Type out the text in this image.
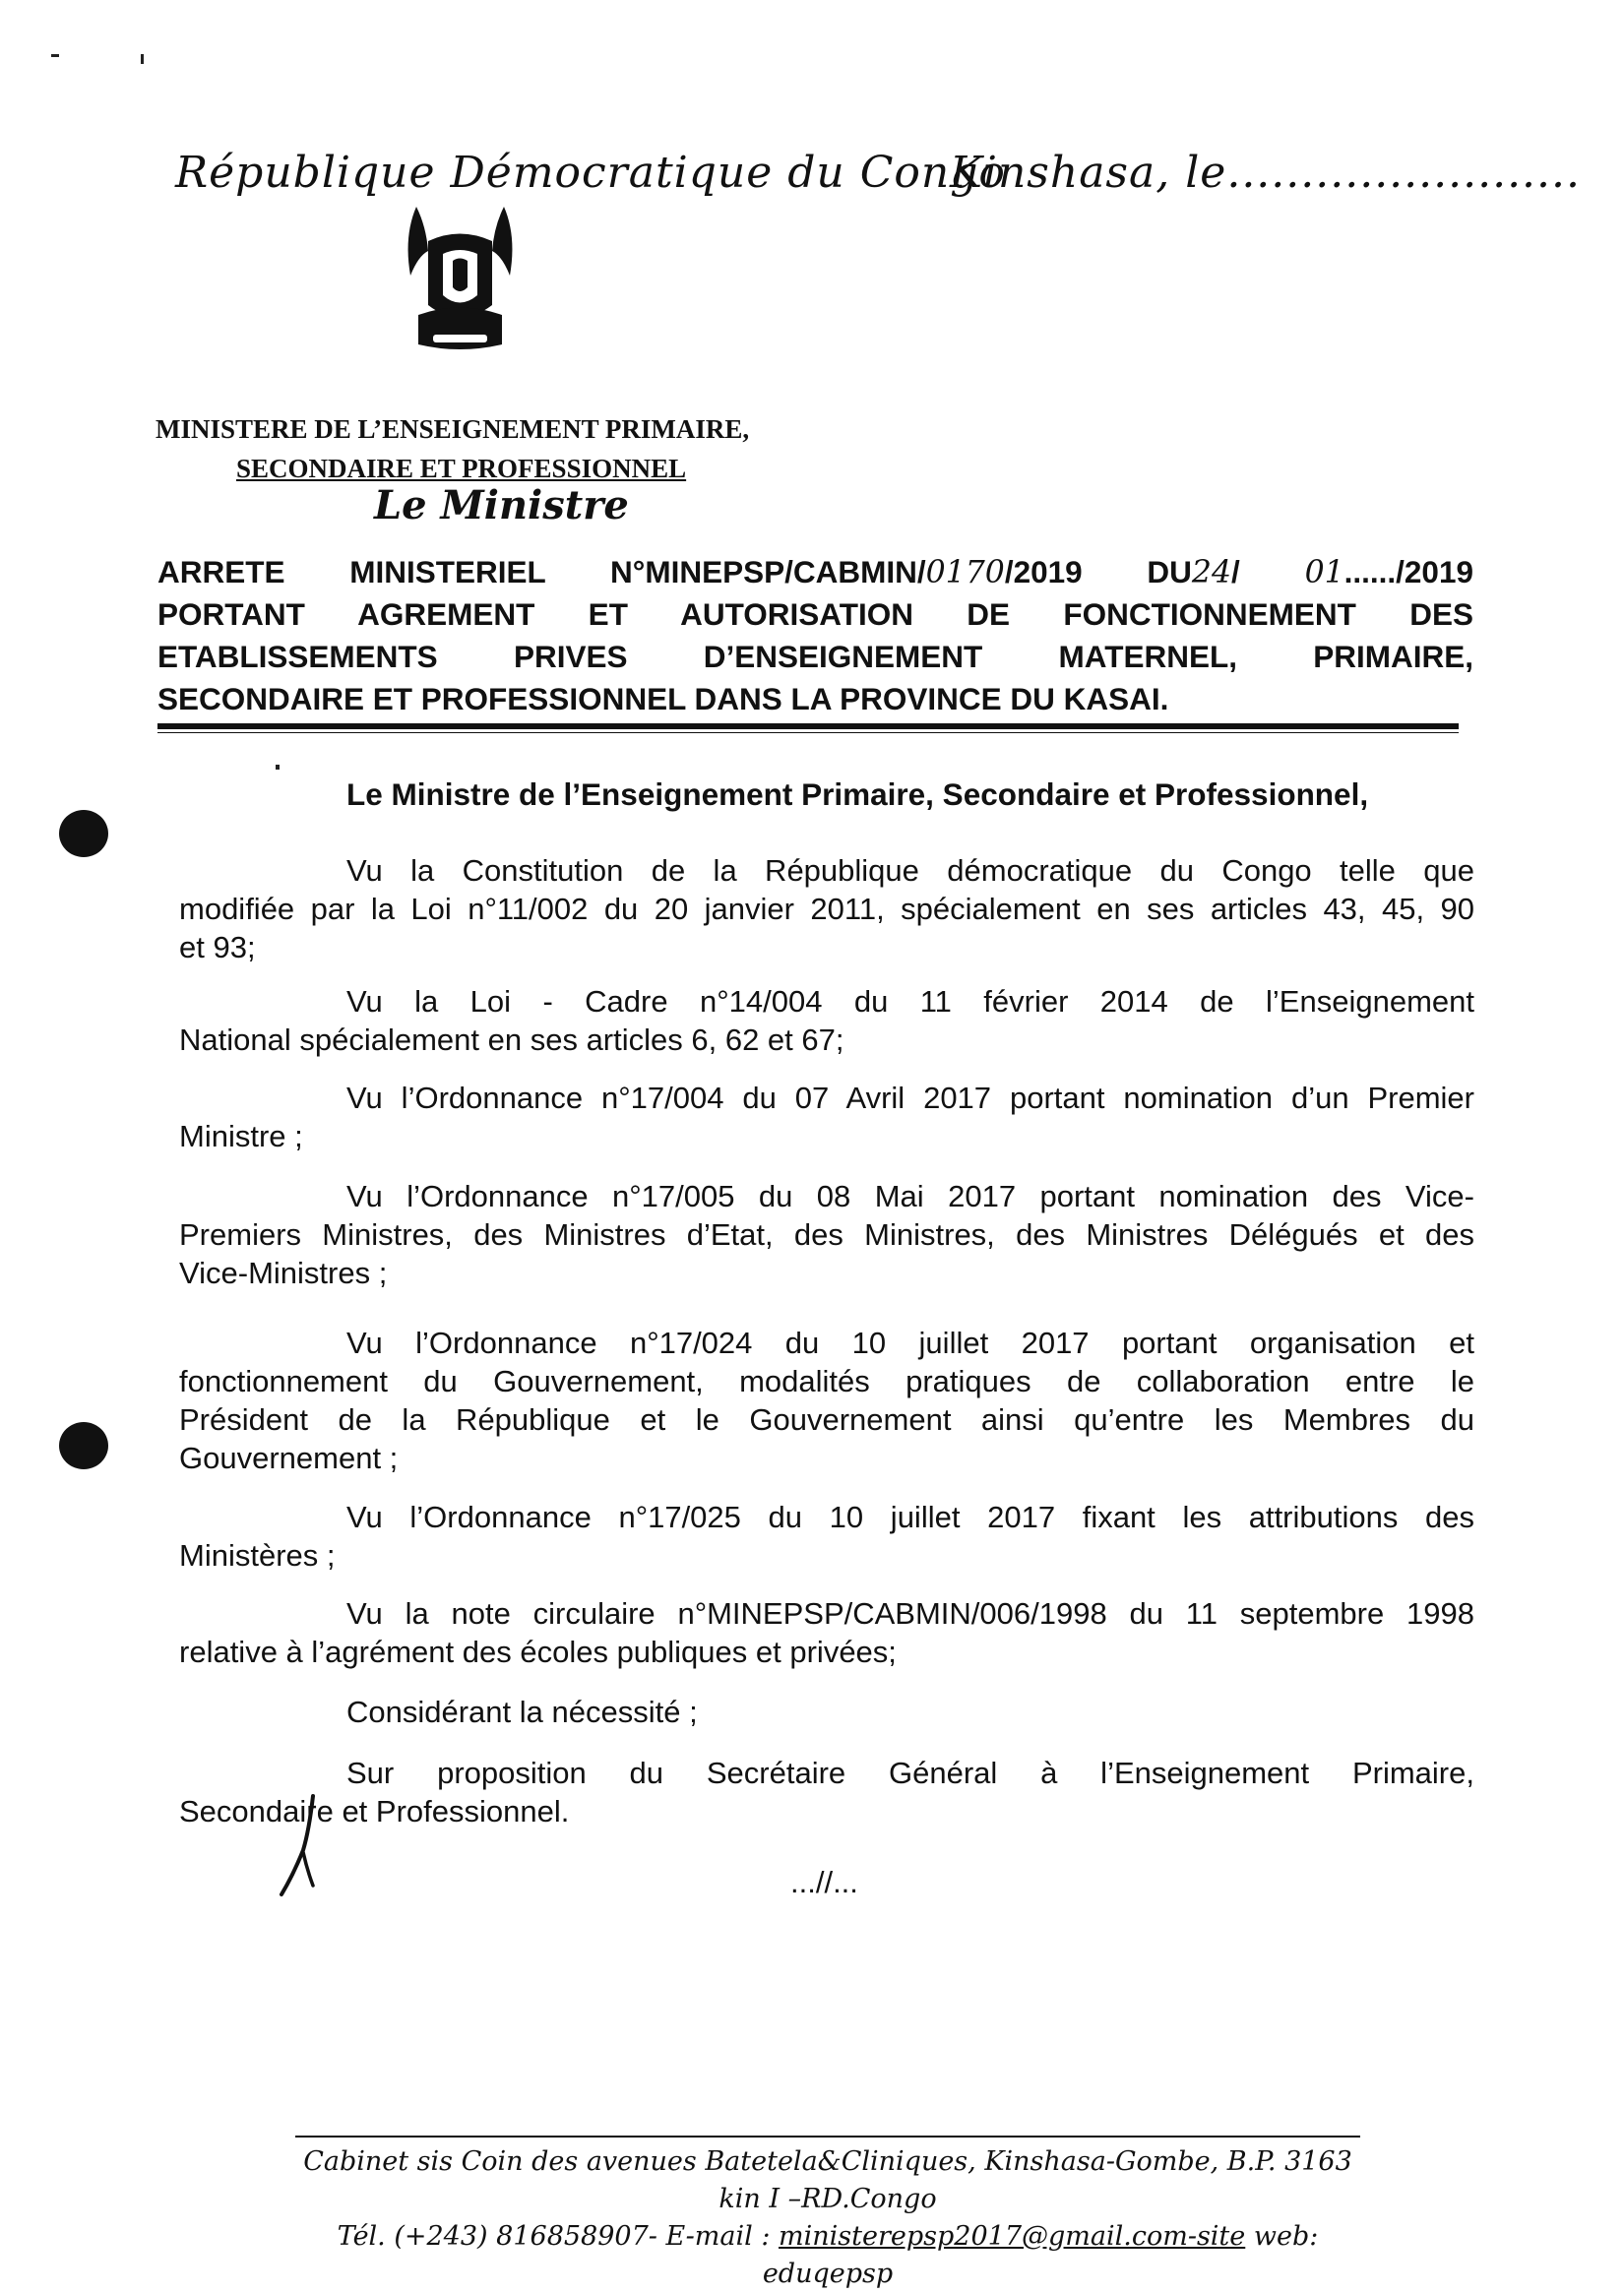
République Démocratique du Congo
Kinshasa, le........................
MINISTERE DE L’ENSEIGNEMENT PRIMAIRE,
SECONDAIRE ET PROFESSIONNEL
Le Ministre
ARRETE MINISTERIEL N°MINEPSP/CABMIN/0170/2019 DU24/ 01....../2019
PORTANT AGREMENT ET AUTORISATION DE FONCTIONNEMENT DES
ETABLISSEMENTS PRIVES D’ENSEIGNEMENT MATERNEL, PRIMAIRE,
SECONDAIRE ET PROFESSIONNEL DANS LA PROVINCE DU KASAI.
Le Ministre de l’Enseignement Primaire, Secondaire et Professionnel,
Vu la Constitution de la République démocratique du Congo telle que
modifiée par la Loi n°11/002 du 20 janvier 2011, spécialement en ses articles 43, 45, 90
et 93;
Vu la Loi - Cadre n°14/004 du 11 février 2014 de l’Enseignement
National spécialement en ses articles 6, 62 et 67;
Vu l’Ordonnance n°17/004 du 07 Avril 2017 portant nomination d’un Premier
Ministre ;
Vu l’Ordonnance n°17/005 du 08 Mai 2017 portant nomination des Vice-
Premiers Ministres, des Ministres d’Etat, des Ministres, des Ministres Délégués et des
Vice-Ministres ;
Vu l’Ordonnance n°17/024 du 10 juillet 2017 portant organisation et
fonctionnement du Gouvernement, modalités pratiques de collaboration entre le
Président de la République et le Gouvernement ainsi qu’entre les Membres du
Gouvernement ;
Vu l’Ordonnance n°17/025 du 10 juillet 2017 fixant les attributions des
Ministères ;
Vu la note circulaire n°MINEPSP/CABMIN/006/1998 du 11 septembre 1998
relative à l’agrément des écoles publiques et privées;
Considérant la nécessité ;
Sur proposition du Secrétaire Général à l’Enseignement Primaire,
Secondaire et Professionnel.
...//...
Cabinet sis Coin des avenues Batetela&Cliniques, Kinshasa-Gombe, B.P. 3163 kin I –RD.Congo
Tél. (+243) 816858907- E-mail : ministerepsp2017@gmail.com-site web: eduqepsp
